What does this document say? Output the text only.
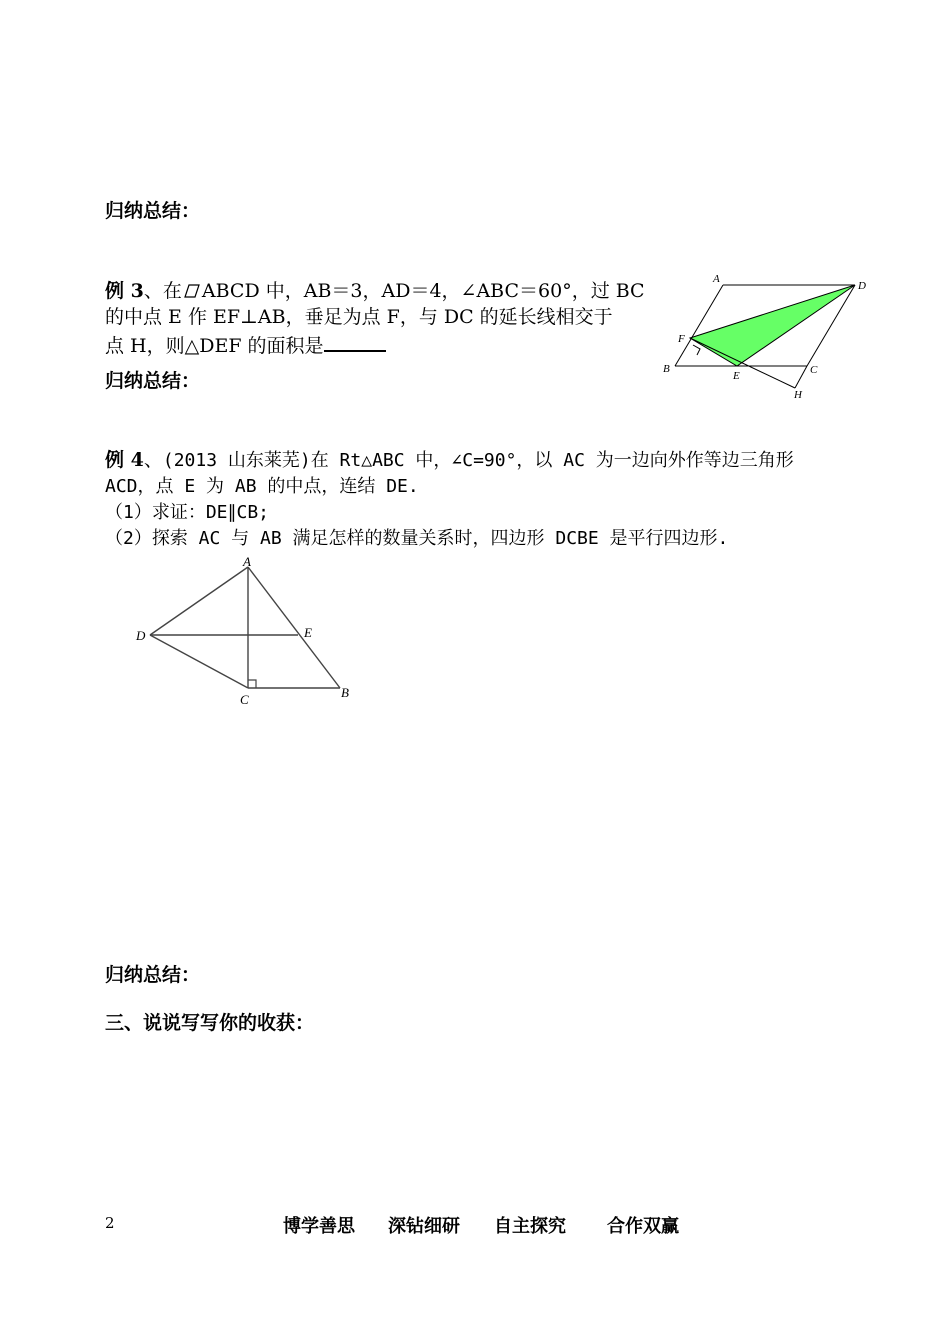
归纳总结：
例 3、在 ABCD 中，AB＝3，AD＝4，∠ABC＝60°，过 BC
的中点 E 作 EF⊥AB，垂足为点 F，与 DC 的延长线相交于
点 H，则△DEF 的面积是
归纳总结：
A
D
F
B
E	C
H
例 4、(2013 山东莱芜)在 Rt△ABC 中，∠C=90°，以 AC 为一边向外作等边三角形
ACD，点 E 为 AB 的中点，连结 DE.
（1）求证：DE∥CB;
（2）探索 AC 与 AB 满足怎样的数量关系时，四边形 DCBE 是平行四边形.
A
D	E
C	B
归纳总结：
三、说说写写你的收获：
2	博学善思 深钻细研 自主探究 合作双赢
